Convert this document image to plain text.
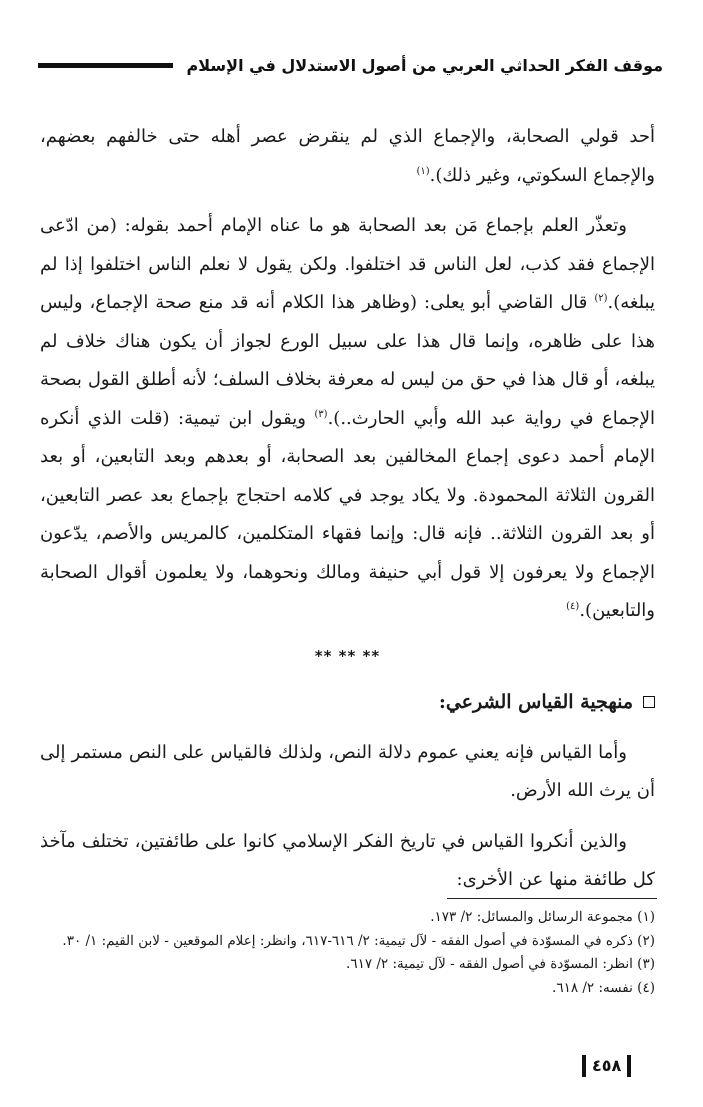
موقف الفكر الحداثي العربي من أصول الاستدلال في الإسلام

أحد قولي الصحابة، والإجماع الذي لم ينقرض عصر أهله حتى خالفهم بعضهم، والإجماع السكوتي، وغير ذلك).$^{(١)}$

وتعذّر العلم بإجماع مَن بعد الصحابة هو ما عناه الإمام أحمد بقوله: (من ادّعى الإجماع فقد كذب، لعل الناس قد اختلفوا. ولكن يقول لا نعلم الناس اختلفوا إذا لم يبلغه).$^{(٢)}$ قال القاضي أبو يعلى: (وظاهر هذا الكلام أنه قد منع صحة الإجماع، وليس هذا على ظاهره، وإنما قال هذا على سبيل الورع لجواز أن يكون هناك خلاف لم يبلغه، أو قال هذا في حق من ليس له معرفة بخلاف السلف؛ لأنه أطلق القول بصحة الإجماع في رواية عبد الله وأبي الحارث..).$^{(٣)}$ ويقول ابن تيمية: (قلت الذي أنكره الإمام أحمد دعوى إجماع المخالفين بعد الصحابة، أو بعدهم وبعد التابعين، أو بعد القرون الثلاثة المحمودة. ولا يكاد يوجد في كلامه احتجاج بإجماع بعد عصر التابعين، أو بعد القرون الثلاثة.. فإنه قال: وإنما فقهاء المتكلمين، كالمريس والأصم، يدّعون الإجماع ولا يعرفون إلا قول أبي حنيفة ومالك ونحوهما، ولا يعلمون أقوال الصحابة والتابعين).$^{(٤)}$

** ** **

منهجية القياس الشرعي:

وأما القياس فإنه يعني عموم دلالة النص، ولذلك فالقياس على النص مستمر إلى أن يرث الله الأرض.

والذين أنكروا القياس في تاريخ الفكر الإسلامي كانوا على طائفتين، تختلف مآخذ كل طائفة منها عن الأخرى:

(١) مجموعة الرسائل والمسائل: ٢/ ١٧٣.
(٢) ذكره في المسوّدة في أصول الفقه - لآل تيمية: ٢/ ٦١٦-٦١٧، وانظر: إعلام الموقعين - لابن القيم: ١/ ٣٠.
(٣) انظر: المسوّدة في أصول الفقه - لآل تيمية: ٢/ ٦١٧.
(٤) نفسه: ٢/ ٦١٨.
٤٥٨
